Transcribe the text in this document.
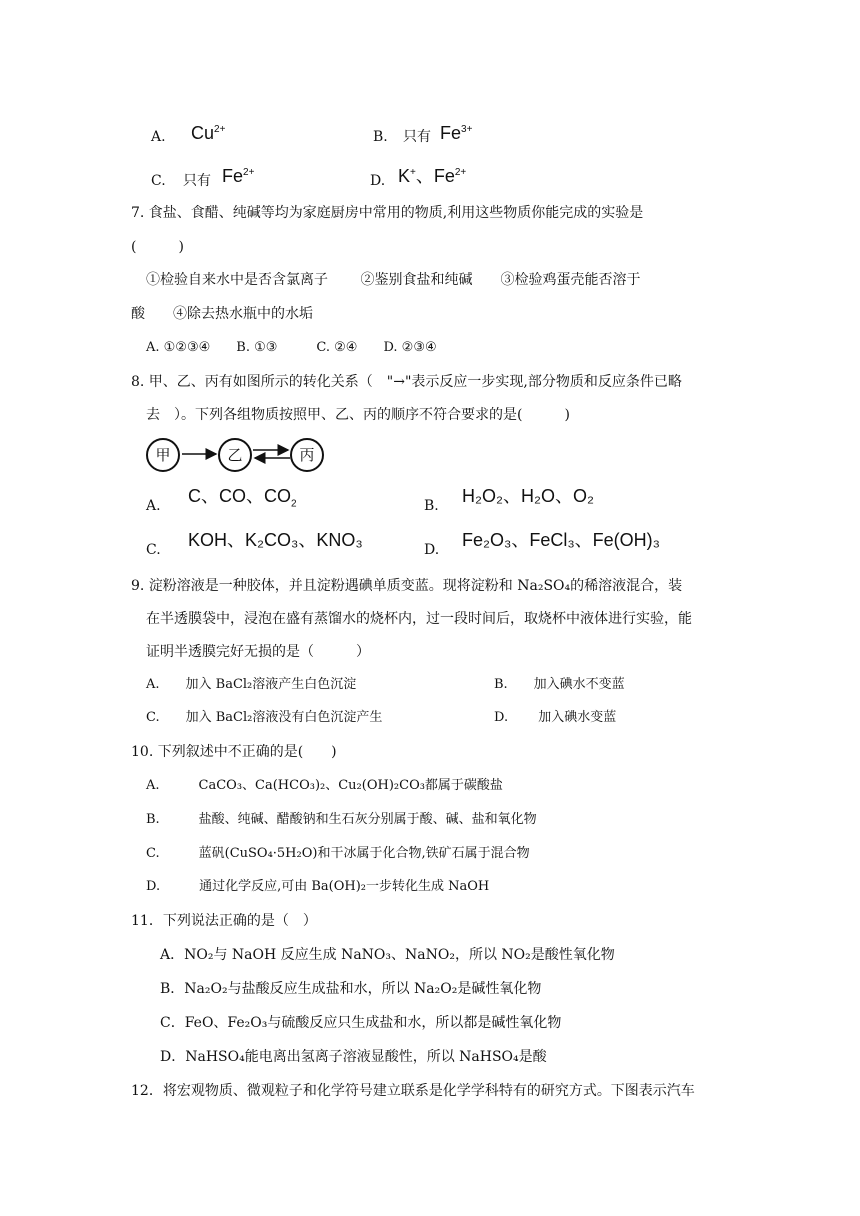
A. $Cu^{2+}$	B. 只有 $Fe^{3+}$
C. 只有 $Fe^{2+}$
D. K+、$Fe^{2+}$
7. 食盐、食醋、纯碱等均为家庭厨房中常用的物质,利用这些物质你能完成的实验是
(　　　)
①检验自来水中是否含氯离子　　 ②鉴别食盐和纯碱　　③检验鸡蛋壳能否溶于
酸　　④除去热水瓶中的水垢
A. ①②③④　　B. ①③　　　C. ②④　　D. ②③④
8. 甲、乙、丙有如图所示的转化关系（　"→"表示反应一步实现,部分物质和反应条件已略
去　）。下列各组物质按照甲、乙、丙的顺序不符合要求的是(　　　)
甲	乙	丙
A. C、CO、$CO_2$	B. H₂O₂、H₂O、O₂
C. KOH、K₂CO₃、KNO₃	D. Fe₂O₃、FeCl₃、Fe(OH)₃
9. 淀粉溶液是一种胶体，并且淀粉遇碘单质变蓝。现将淀粉和 Na₂SO₄的稀溶液混合，装
在半透膜袋中，浸泡在盛有蒸馏水的烧杯内，过一段时间后，取烧杯中液体进行实验，能
证明半透膜完好无损的是（　　　）
A.　　加入 BaCl₂溶液产生白色沉淀	B.　　加入碘水不变蓝
C.　　加入 BaCl₂溶液没有白色沉淀产生	D.　　 加入碘水变蓝
10. 下列叙述中不正确的是(　　)
A.　　　CaCO₃、Ca(HCO₃)₂、Cu₂(OH)₂CO₃都属于碳酸盐
B.　　　盐酸、纯碱、醋酸钠和生石灰分别属于酸、碱、盐和氧化物
C.　　　蓝矾(CuSO₄·5H₂O)和干冰属于化合物,铁矿石属于混合物
D.　　　通过化学反应,可由 Ba(OH)₂一步转化生成 NaOH
11．下列说法正确的是（　）
A．NO₂与 NaOH 反应生成 NaNO₃、NaNO₂，所以 NO₂是酸性氧化物
B．Na₂O₂与盐酸反应生成盐和水，所以 Na₂O₂是碱性氧化物
C．FeO、Fe₂O₃与硫酸反应只生成盐和水，所以都是碱性氧化物
D．NaHSO₄能电离出氢离子溶液显酸性，所以 NaHSO₄是酸
12．将宏观物质、微观粒子和化学符号建立联系是化学学科特有的研究方式。下图表示汽车
